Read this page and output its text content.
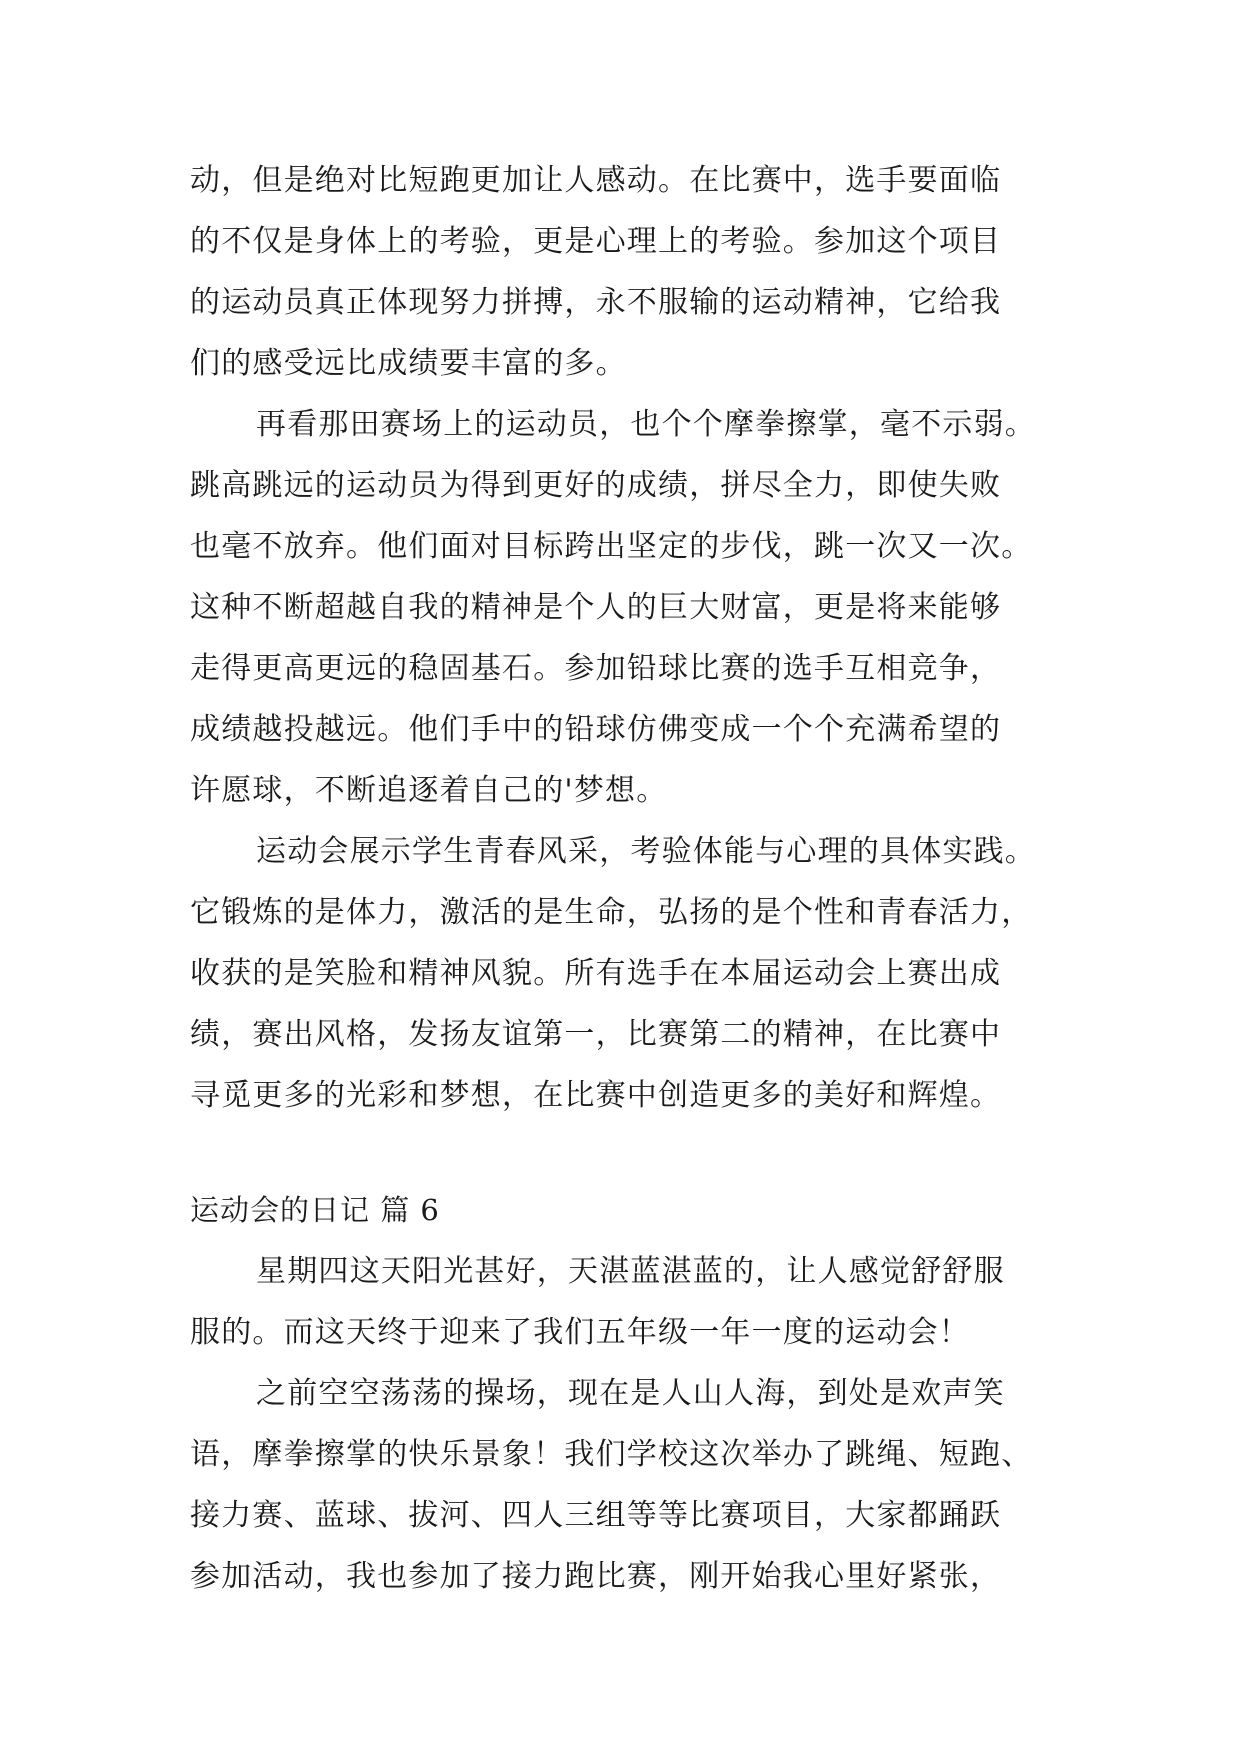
动，但是绝对比短跑更加让人感动。在比赛中，选手要面临
的不仅是身体上的考验，更是心理上的考验。参加这个项目
的运动员真正体现努力拼搏，永不服输的运动精神，它给我
们的感受远比成绩要丰富的多。
再看那田赛场上的运动员，也个个摩拳擦掌，毫不示弱。
跳高跳远的运动员为得到更好的成绩，拼尽全力，即使失败
也毫不放弃。他们面对目标跨出坚定的步伐，跳一次又一次。
这种不断超越自我的精神是个人的巨大财富，更是将来能够
走得更高更远的稳固基石。参加铅球比赛的选手互相竞争，
成绩越投越远。他们手中的铅球仿佛变成一个个充满希望的
许愿球，不断追逐着自己的'梦想。
运动会展示学生青春风采，考验体能与心理的具体实践。
它锻炼的是体力，激活的是生命，弘扬的是个性和青春活力，
收获的是笑脸和精神风貌。所有选手在本届运动会上赛出成
绩，赛出风格，发扬友谊第一，比赛第二的精神，在比赛中
寻觅更多的光彩和梦想，在比赛中创造更多的美好和辉煌。
运动会的日记 篇 6
星期四这天阳光甚好，天湛蓝湛蓝的，让人感觉舒舒服
服的。而这天终于迎来了我们五年级一年一度的运动会！
之前空空荡荡的操场，现在是人山人海，到处是欢声笑
语，摩拳擦掌的快乐景象！我们学校这次举办了跳绳、短跑、
接力赛、蓝球、拔河、四人三组等等比赛项目，大家都踊跃
参加活动，我也参加了接力跑比赛，刚开始我心里好紧张，
